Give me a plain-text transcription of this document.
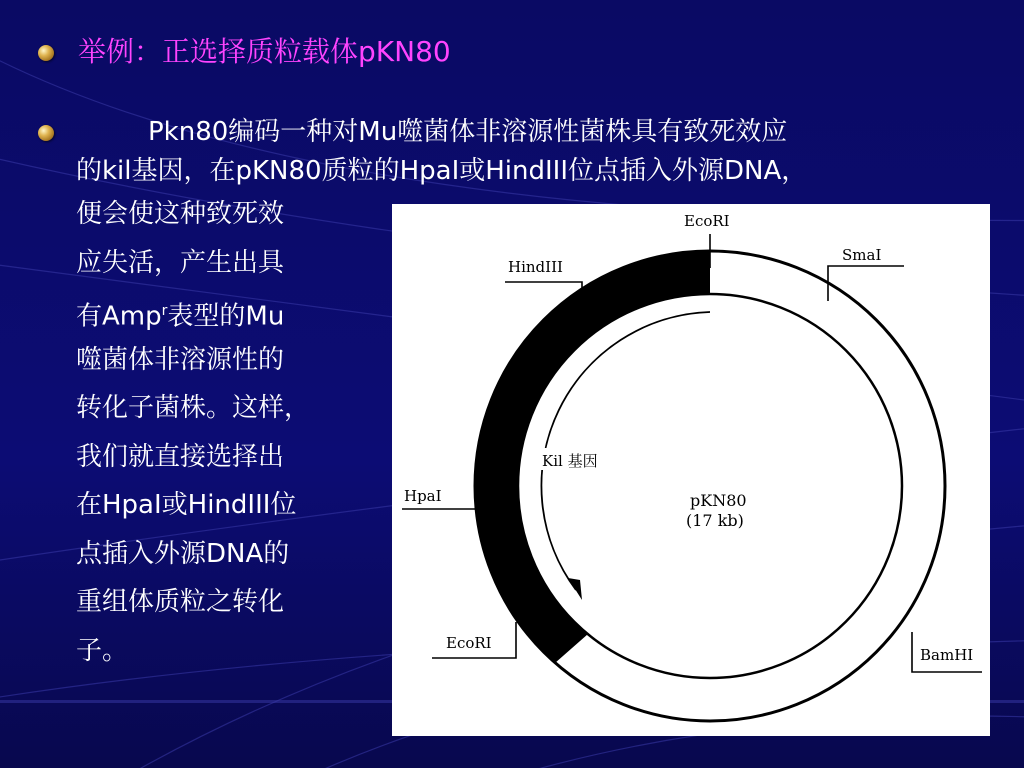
举例：正选择质粒载体pKN80
Pkn80编码一种对Mu噬菌体非溶源性菌株具有致死效应
的kil基因，在pKN80质粒的HpaI或HindIII位点插入外源DNA，
便会使这种致死效
应失活，产生出具
有Amp$^r$表型的Mu
噬菌体非溶源性的
转化子菌株。这样，
我们就直接选择出
在HpaI或HindIII位
点插入外源DNA的
重组体质粒之转化
子。
EcoRI
SmaI
HindIII
HpaI
EcoRI
BamHI
Kil 基因
pKN80
(17 kb)
